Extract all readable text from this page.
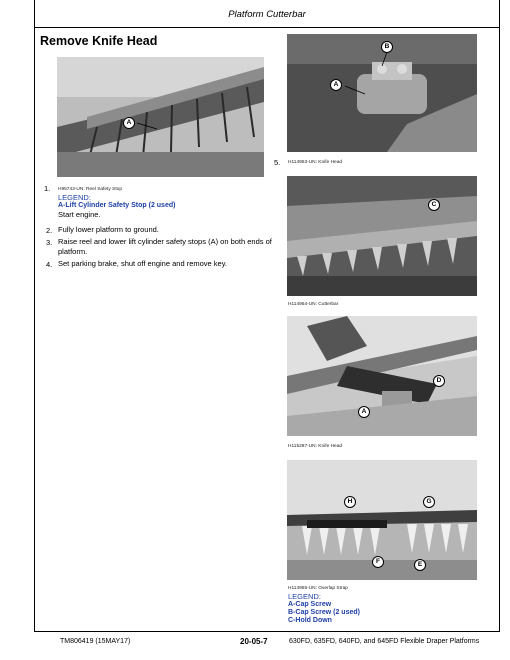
Platform Cutterbar
Remove Knife Head
A
1. H95743-UN: Reel Safety Stop
LEGEND:
A-Lift Cylinder Safety Stop (2 used)
Start engine.
2. Fully lower platform to ground.
3. Raise reel and lower lift cylinder safety stops (A) on both ends of platform.
4. Set parking brake, shut off engine and remove key.
5.
B
A
H114953-UN: Knife Head
C
H114954-UN: Cutterbar
D
A
H115287-UN: Knife Head
H	G
F	E
H114955-UN: Overlap Strap
LEGEND:
A-Cap Screw
B-Cap Screw (2 used)
C-Hold Down
TM806419 (15MAY17)	20-05-7	630FD, 635FD, 640FD, and 645FD Flexible Draper Platforms
